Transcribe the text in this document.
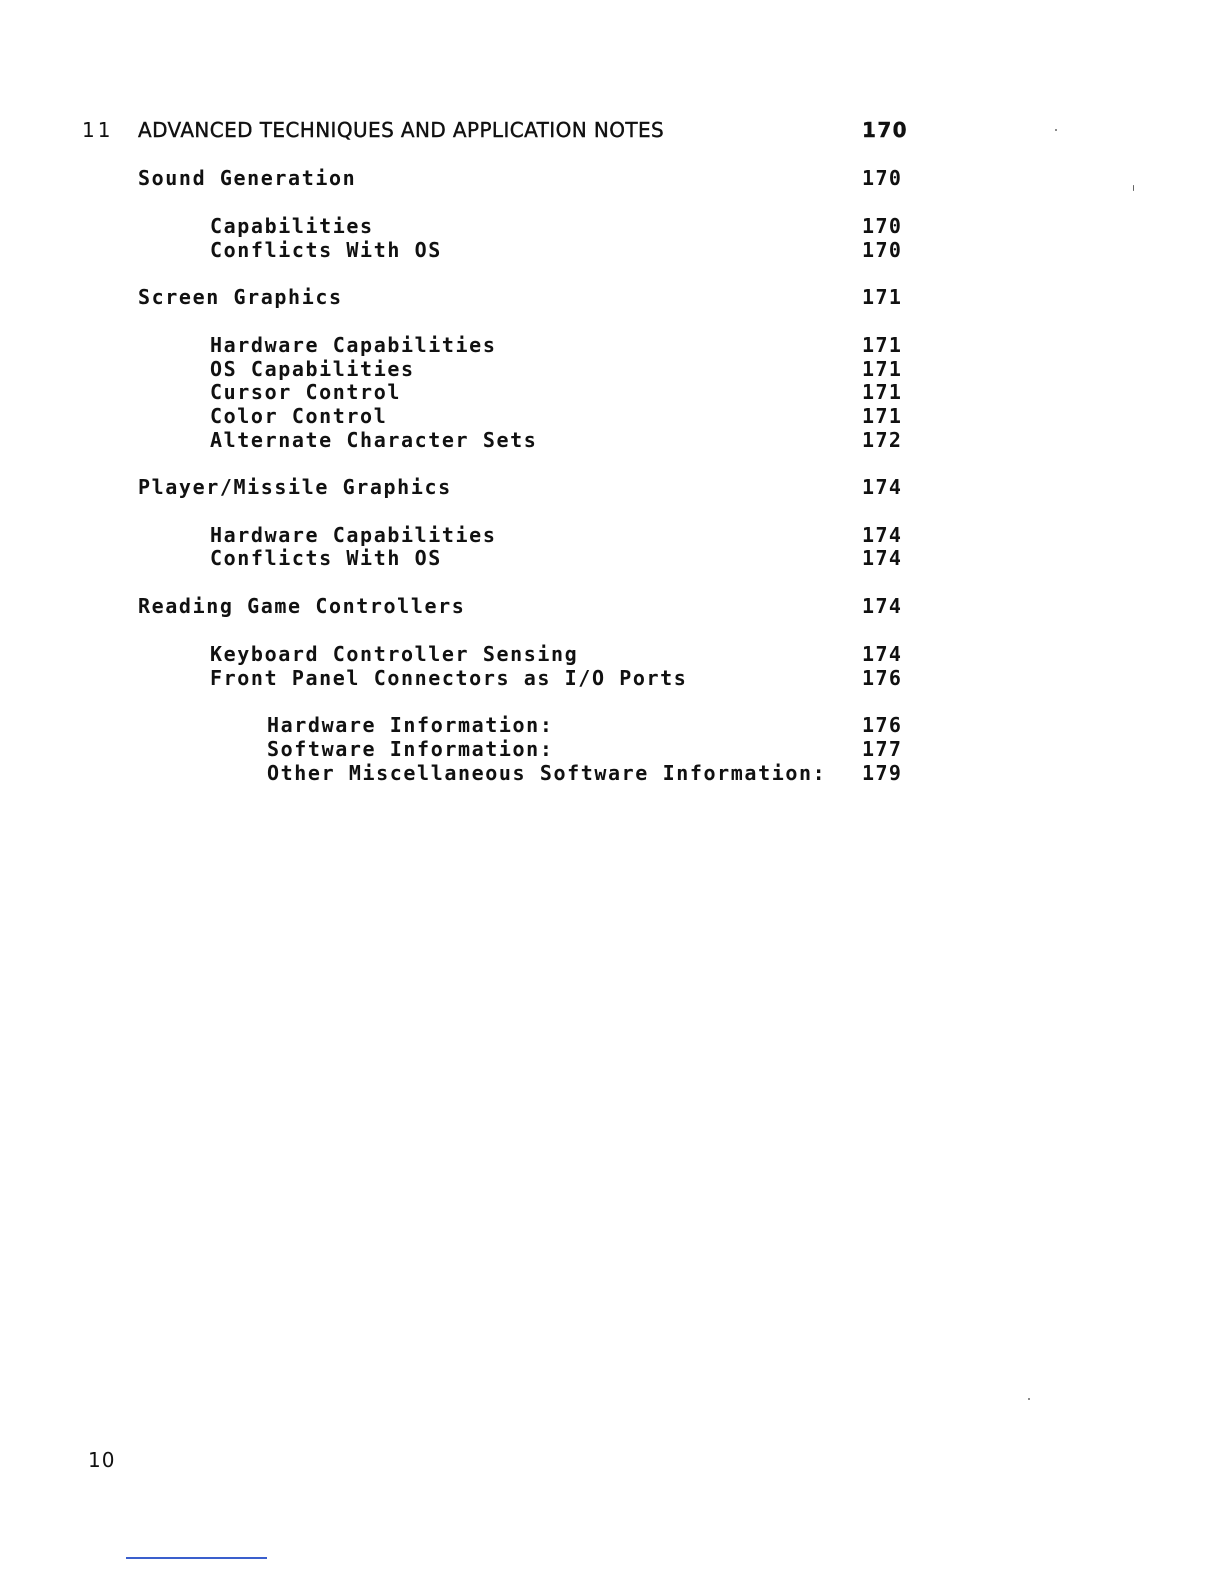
11 ADVANCED TECHNIQUES AND APPLICATION NOTES	170
Sound Generation	170
Capabilities	170
Conflicts With OS	170
Screen Graphics	171
Hardware Capabilities	171
OS Capabilities	171
Cursor Control	171
Color Control	171
Alternate Character Sets	172
Player/Missile Graphics	174
Hardware Capabilities	174
Conflicts With OS	174
Reading Game Controllers	174
Keyboard Controller Sensing	174
Front Panel Connectors as I/O Ports	176
Hardware Information:	176
Software Information:	177
Other Miscellaneous Software Information: 179
10
